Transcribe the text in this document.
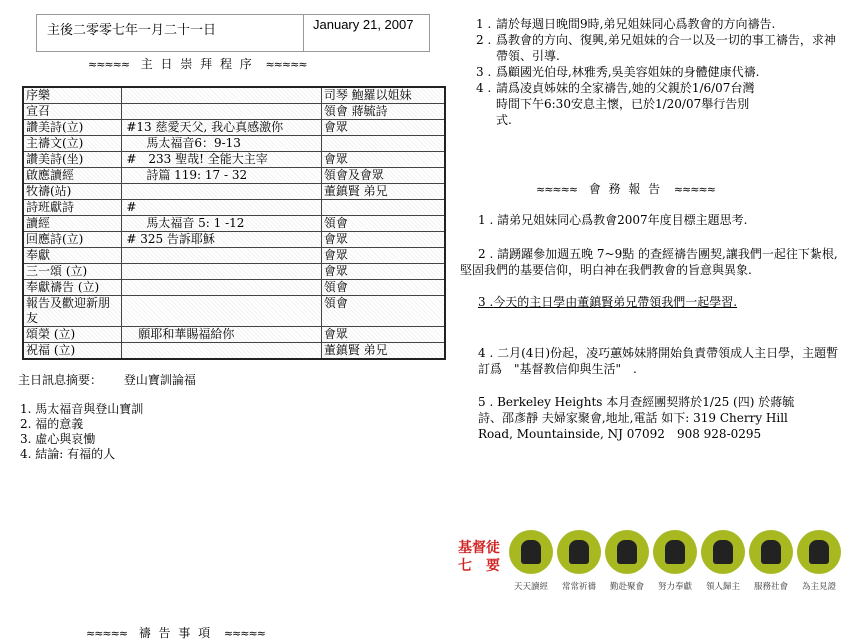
主後二零零七年一月二十一日	January 21, 2007
≈≈≈≈≈ 主 日 崇 拜 程 序 ≈≈≈≈≈
序樂		司琴 鮑羅以姐妹
宣召		領會 蔣毓詩
讚美詩(立)	#13 慈愛天父, 我心真感激你	會眾
主禱文(立)	馬太福音6：9-13	
讚美詩(坐)	#　233 聖哉! 全能大主宰	會眾
啟應讀經	詩篇 119: 17 - 32	領會及會眾
牧禱(站)		董鎮賢 弟兄
詩班獻詩	#	
讀經	馬太福音 5: 1 -12	領會
回應詩(立)	# 325 告訴耶穌	會眾
奉獻		會眾
三一頌 (立)		會眾
奉獻禱告 (立)		領會
報告及歡迎新朋友		領會
頌榮 (立)	願耶和華賜福給你	會眾
祝福 (立)		董鎮賢 弟兄
主日訊息摘要： 登山寶訓論福
1. 馬太福音與登山寶訓
2. 福的意義
3. 虛心與哀慟
4. 結論: 有福的人
≈≈≈≈≈ 禱 告 事 項 ≈≈≈≈≈
1 . 請於每週日晚間9時,弟兄姐妹同心爲教會的方向禱告.
2 . 爲教會的方向、復興,弟兄姐妹的合一以及一切的事工禱告，求神帶領、引導.
3 . 爲顧國光伯母,林雅秀,吳美容姐妹的身體健康代禱.
4 . 請爲凌貞姊妹的全家禱告,她的父親於1/6/07台灣時間下午6:30安息主懷，已於1/20/07舉行告別式.
≈≈≈≈≈ 會 務 報 告 ≈≈≈≈≈
1 . 請弟兄姐妹同心爲教會2007年度目標主題思考.
2 . 請踴躍參加週五晚 7~9點 的查經禱告團契,讓我們一起往下紮根,堅固我們的基要信仰，明白神在我們教會的旨意與異象.
3 .今天的主日學由董鎮賢弟兄帶領我們一起學習.
4 . 二月(4日)份起，凌巧蕙姊妹將開始負責帶領成人主日學，主題暫訂爲　"基督教信仰與生活"　.
5 . Berkeley Heights 本月查經團契將於1/25 (四) 於蔣毓詩、邵彥靜 夫婦家聚會,地址,電話 如下: 319 Cherry Hill Road, Mountainside, NJ 07092　908 928-0295
基督徒
七　要
天天讀經	常常祈禱	勤赴聚會	努力奉獻	領人歸主	服務社會	為主見證
